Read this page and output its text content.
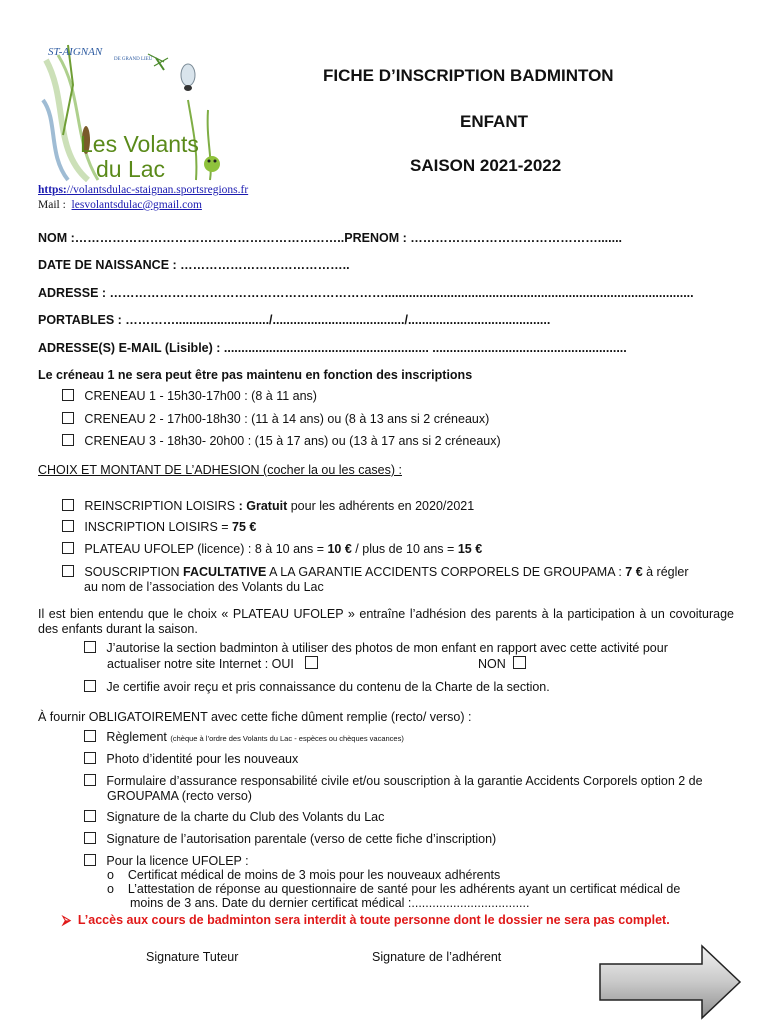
ST-AIGNAN
DE GRAND LIEU
Les Volants
du Lac
https://volantsdulac-staignan.sportsregions.fr
Mail : lesvolantsdulac@gmail.com
FICHE D’INSCRIPTION BADMINTON
ENFANT
SAISON 2021-2022
NOM :………………………………………………………..PRENOM : ……………………………………….......
DATE DE NAISSANCE : …………………………………..
ADRESSE : ………………………………………………………….........................................................................................
PORTABLES : ………….........................../....................................../.........................................
ADRESSE(S) E-MAIL (Lisible) : ........................................................... ........................................................
Le créneau 1 ne sera peut être pas maintenu en fonction des inscriptions
CRENEAU 1 - 15h30-17h00 : (8 à 11 ans)
CRENEAU 2 - 17h00-18h30 : (11 à 14 ans) ou (8 à 13 ans si 2 créneaux)
CRENEAU 3 - 18h30- 20h00 : (15 à 17 ans) ou (13 à 17 ans si 2 créneaux)
CHOIX ET MONTANT DE L’ADHESION (cocher la ou les cases) :
REINSCRIPTION LOISIRS : Gratuit pour les adhérents en 2020/2021
INSCRIPTION LOISIRS = 75 €
PLATEAU UFOLEP (licence) : 8 à 10 ans = 10 € / plus de 10 ans = 15 €
SOUSCRIPTION FACULTATIVE A LA GARANTIE ACCIDENTS CORPORELS DE GROUPAMA : 7 € à régler
au nom de l’association des Volants du Lac
Il est bien entendu que le choix « PLATEAU UFOLEP » entraîne l’adhésion des parents à la participation à un covoiturage des enfants durant la saison.
J’autorise la section badminton à utiliser des photos de mon enfant en rapport avec cette activité pour
actualiser notre site Internet : OUI	NON
Je certifie avoir reçu et pris connaissance du contenu de la Charte de la section.
À fournir OBLIGATOIREMENT avec cette fiche dûment remplie (recto/ verso) :
Règlement (chèque à l’ordre des Volants du Lac - espèces ou chèques vacances)
Photo d’identité pour les nouveaux
Formulaire d’assurance responsabilité civile et/ou souscription à la garantie Accidents Corporels option 2 de
GROUPAMA (recto verso)
Signature de la charte du Club des Volants du Lac
Signature de l’autorisation parentale (verso de cette fiche d’inscription)
Pour la licence UFOLEP :
o Certificat médical de moins de 3 mois pour les nouveaux adhérents
o L’attestation de réponse au questionnaire de santé pour les adhérents ayant un certificat médical de
moins de 3 ans. Date du dernier certificat médical :..................................
⮚ L’accès aux cours de badminton sera interdit à toute personne dont le dossier ne sera pas complet.
Signature Tuteur	Signature de l’adhérent
